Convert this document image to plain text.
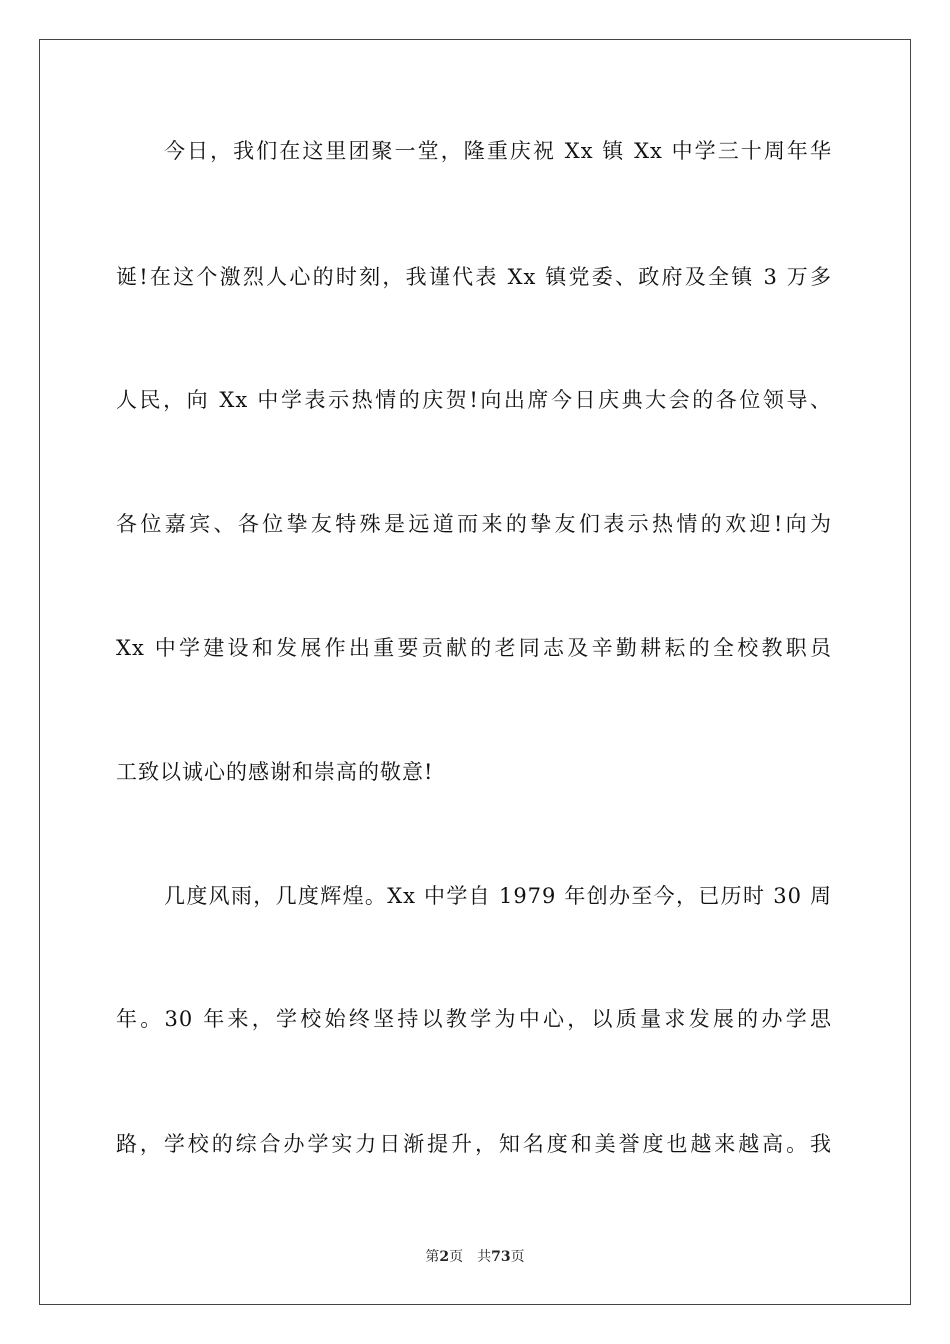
今日，我们在这里团聚一堂，隆重庆祝 Xx 镇 Xx 中学三十周年华
诞!在这个激烈人心的时刻，我谨代表 Xx 镇党委、政府及全镇 3 万多
人民，向 Xx 中学表示热情的庆贺!向出席今日庆典大会的各位领导、
各位嘉宾、各位挚友特殊是远道而来的挚友们表示热情的欢迎!向为
Xx 中学建设和发展作出重要贡献的老同志及辛勤耕耘的全校教职员
工致以诚心的感谢和崇高的敬意!
几度风雨，几度辉煌。Xx 中学自 1979 年创办至今，已历时 30 周
年。30 年来，学校始终坚持以教学为中心，以质量求发展的办学思
路，学校的综合办学实力日渐提升，知名度和美誉度也越来越高。我
第2页 共73页
